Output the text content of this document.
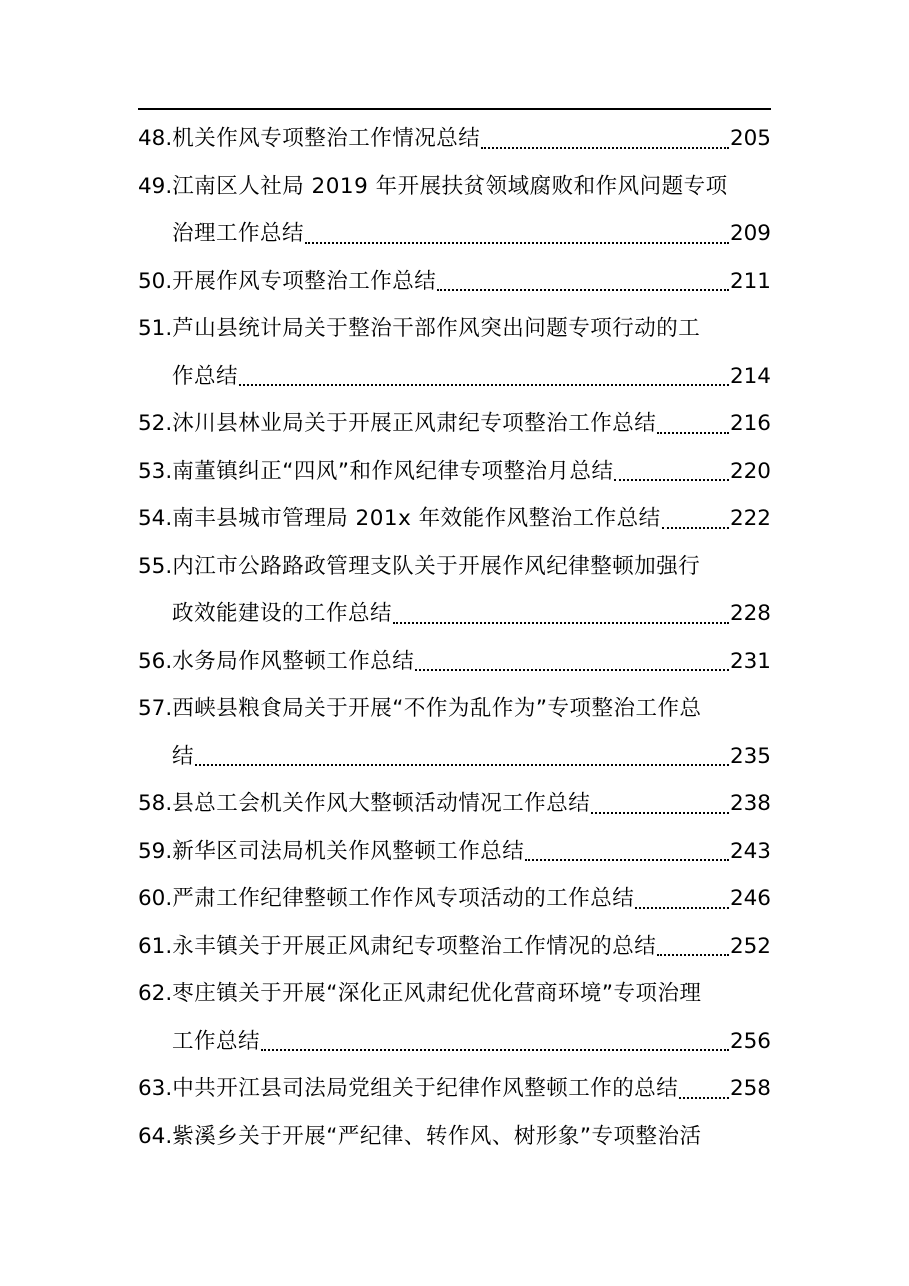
48. 机关作风专项整治工作情况总结	205
49. 江南区人社局 2019 年开展扶贫领域腐败和作风问题专项
治理工作总结	209
50. 开展作风专项整治工作总结	211
51. 芦山县统计局关于整治干部作风突出问题专项行动的工
作总结	214
52. 沐川县林业局关于开展正风肃纪专项整治工作总结	216
53. 南董镇纠正“四风”和作风纪律专项整治月总结	220
54. 南丰县城市管理局 201x 年效能作风整治工作总结	222
55. 内江市公路路政管理支队关于开展作风纪律整顿加强行
政效能建设的工作总结	228
56. 水务局作风整顿工作总结	231
57. 西峡县粮食局关于开展“不作为乱作为”专项整治工作总
结	235
58. 县总工会机关作风大整顿活动情况工作总结	238
59. 新华区司法局机关作风整顿工作总结	243
60. 严肃工作纪律整顿工作作风专项活动的工作总结	246
61. 永丰镇关于开展正风肃纪专项整治工作情况的总结	252
62. 枣庄镇关于开展“深化正风肃纪优化营商环境”专项治理
工作总结	256
63. 中共开江县司法局党组关于纪律作风整顿工作的总结 258
64. 紫溪乡关于开展“严纪律、转作风、树形象”专项整治活
